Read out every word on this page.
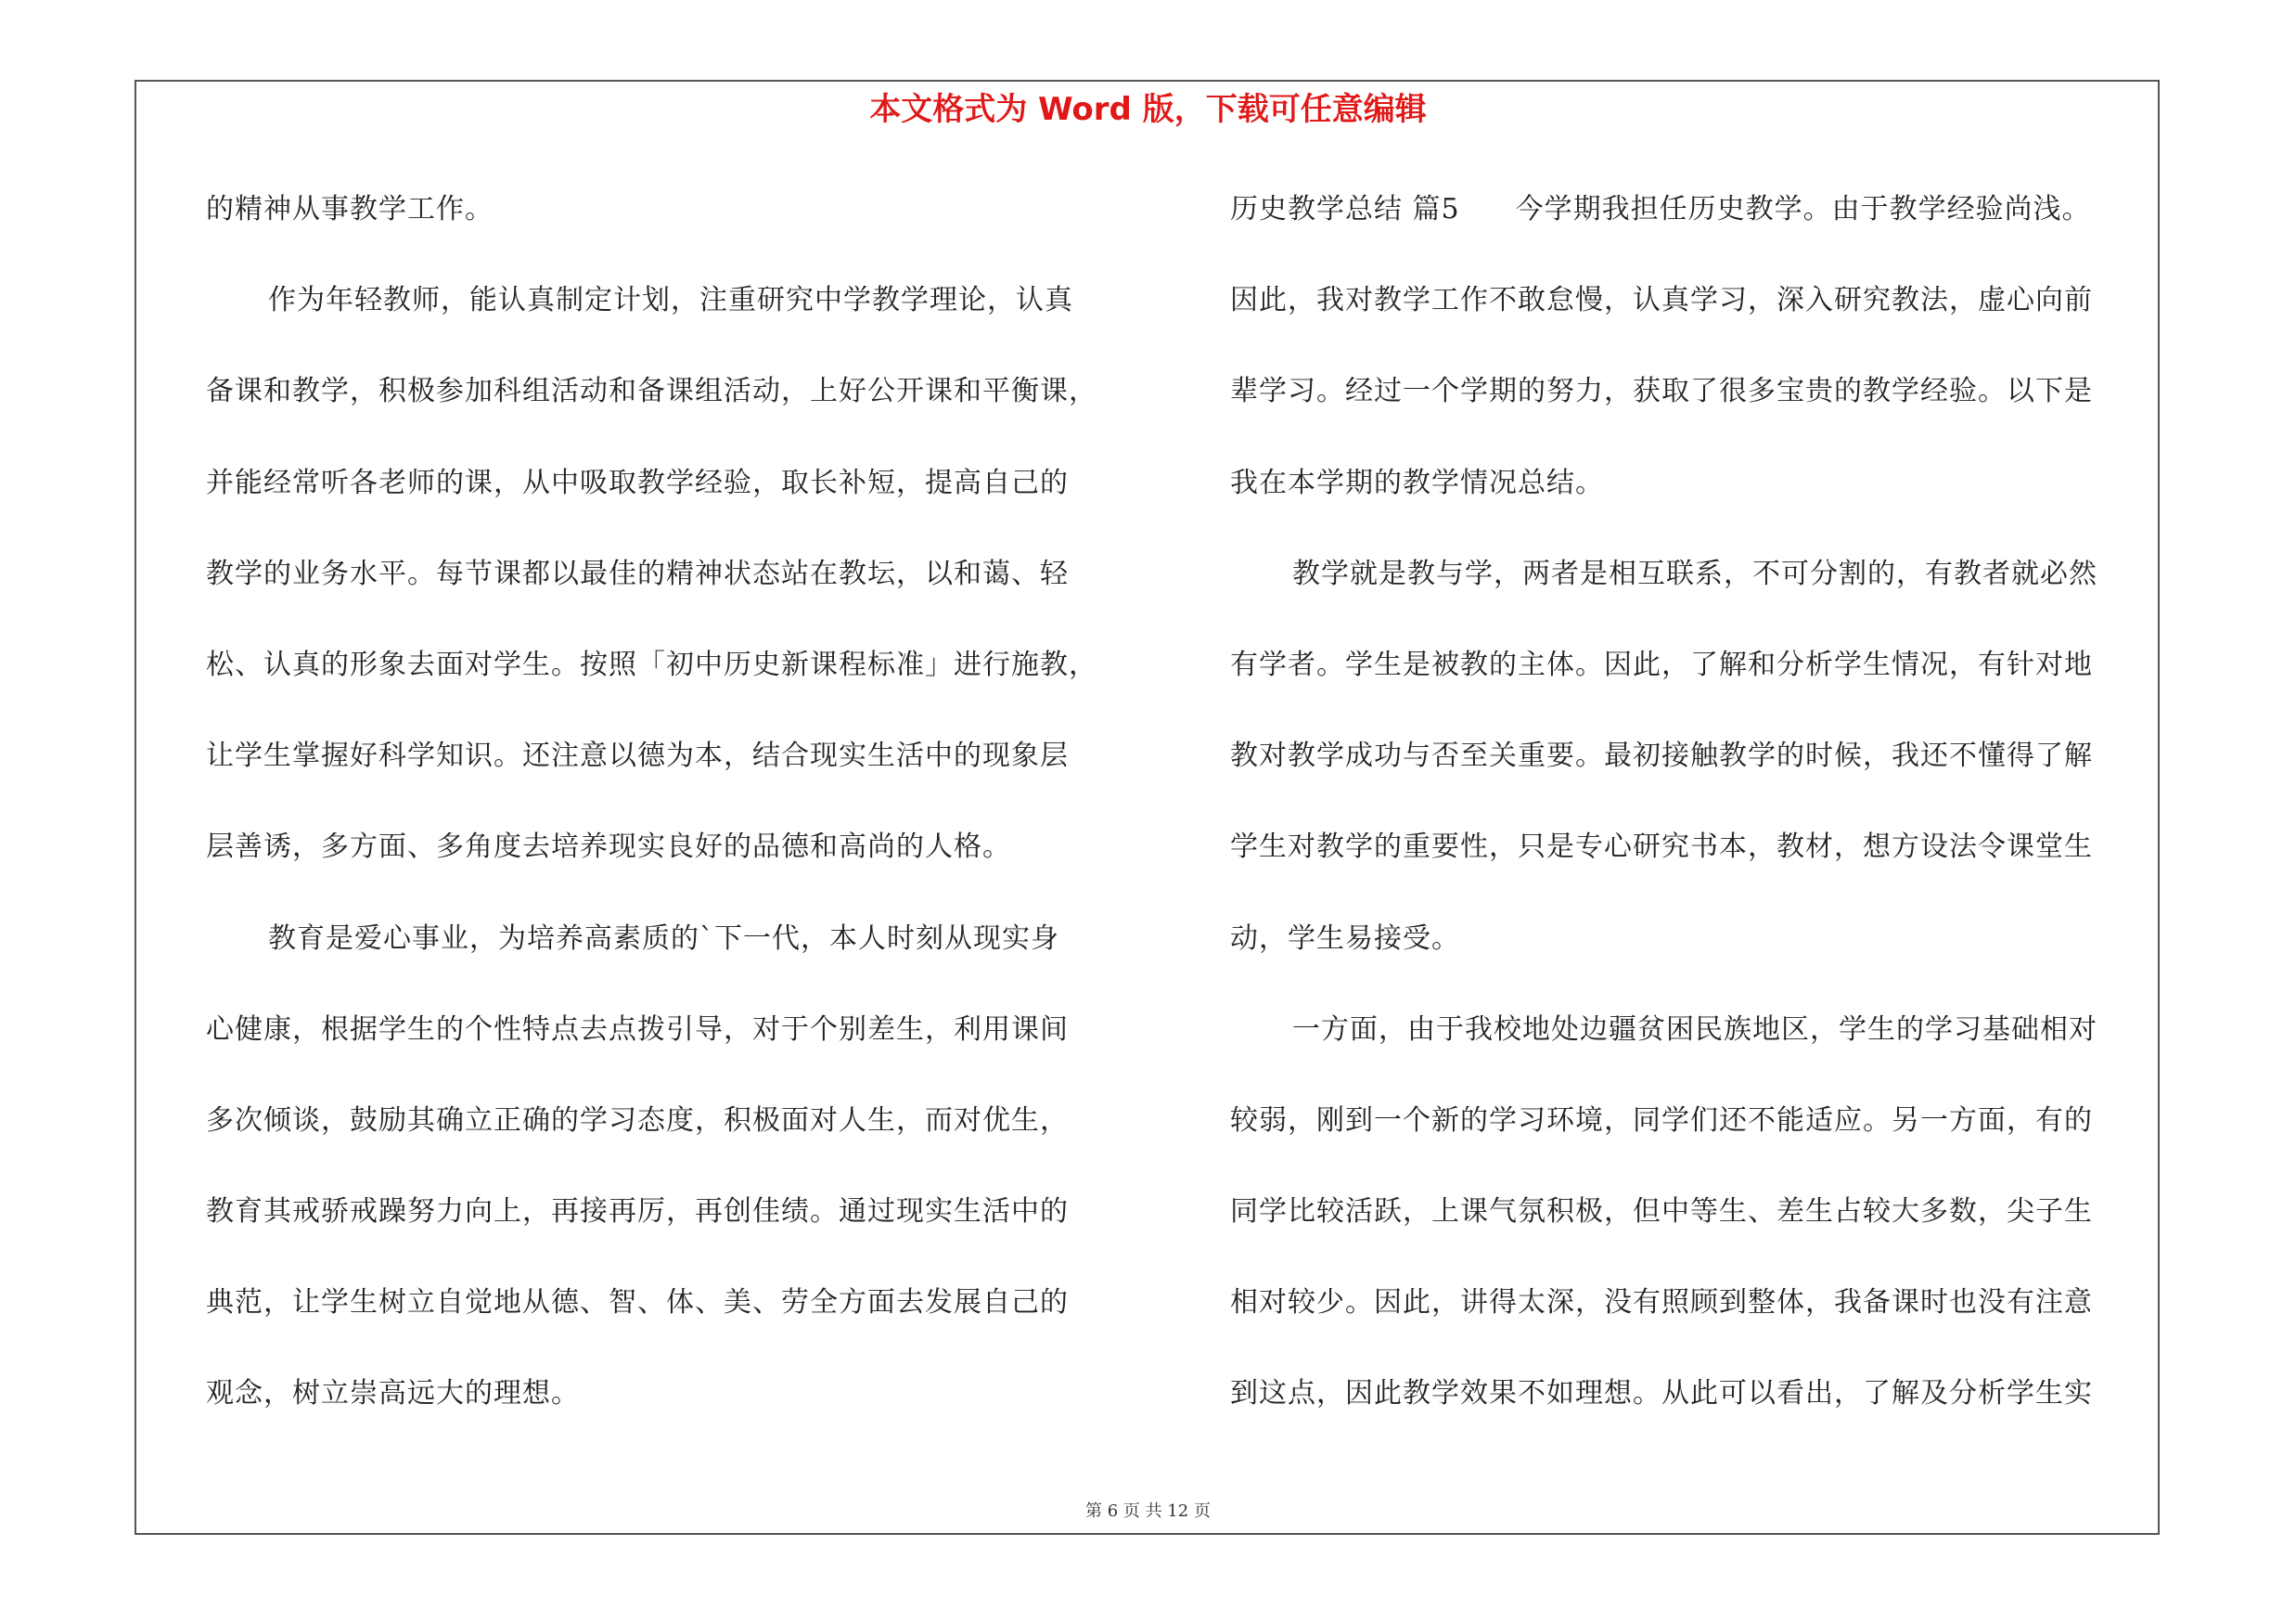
本文格式为 Word 版，下载可任意编辑
的精神从事教学工作。
作为年轻教师，能认真制定计划，注重研究中学教学理论，认真
备课和教学，积极参加科组活动和备课组活动，上好公开课和平衡课，
并能经常听各老师的课，从中吸取教学经验，取长补短，提高自己的
教学的业务水平。每节课都以最佳的精神状态站在教坛，以和蔼、轻
松、认真的形象去面对学生。按照「初中历史新课程标准」进行施教，
让学生掌握好科学知识。还注意以德为本，结合现实生活中的现象层
层善诱，多方面、多角度去培养现实良好的品德和高尚的人格。
教育是爱心事业，为培养高素质的`下一代，本人时刻从现实身
心健康，根据学生的个性特点去点拨引导，对于个别差生，利用课间
多次倾谈，鼓励其确立正确的学习态度，积极面对人生，而对优生，
教育其戒骄戒躁努力向上，再接再厉，再创佳绩。通过现实生活中的
典范，让学生树立自觉地从德、智、体、美、劳全方面去发展自己的
观念，树立崇高远大的理想。
历史教学总结 篇5 今学期我担任历史教学。由于教学经验尚浅。
因此，我对教学工作不敢怠慢，认真学习，深入研究教法，虚心向前
辈学习。经过一个学期的努力，获取了很多宝贵的教学经验。以下是
我在本学期的教学情况总结。
教学就是教与学，两者是相互联系，不可分割的，有教者就必然
有学者。学生是被教的主体。因此，了解和分析学生情况，有针对地
教对教学成功与否至关重要。最初接触教学的时候，我还不懂得了解
学生对教学的重要性，只是专心研究书本，教材，想方设法令课堂生
动，学生易接受。
一方面，由于我校地处边疆贫困民族地区，学生的学习基础相对
较弱，刚到一个新的学习环境，同学们还不能适应。另一方面，有的
同学比较活跃，上课气氛积极，但中等生、差生占较大多数，尖子生
相对较少。因此，讲得太深，没有照顾到整体，我备课时也没有注意
到这点，因此教学效果不如理想。从此可以看出，了解及分析学生实
第 6 页 共 12 页
